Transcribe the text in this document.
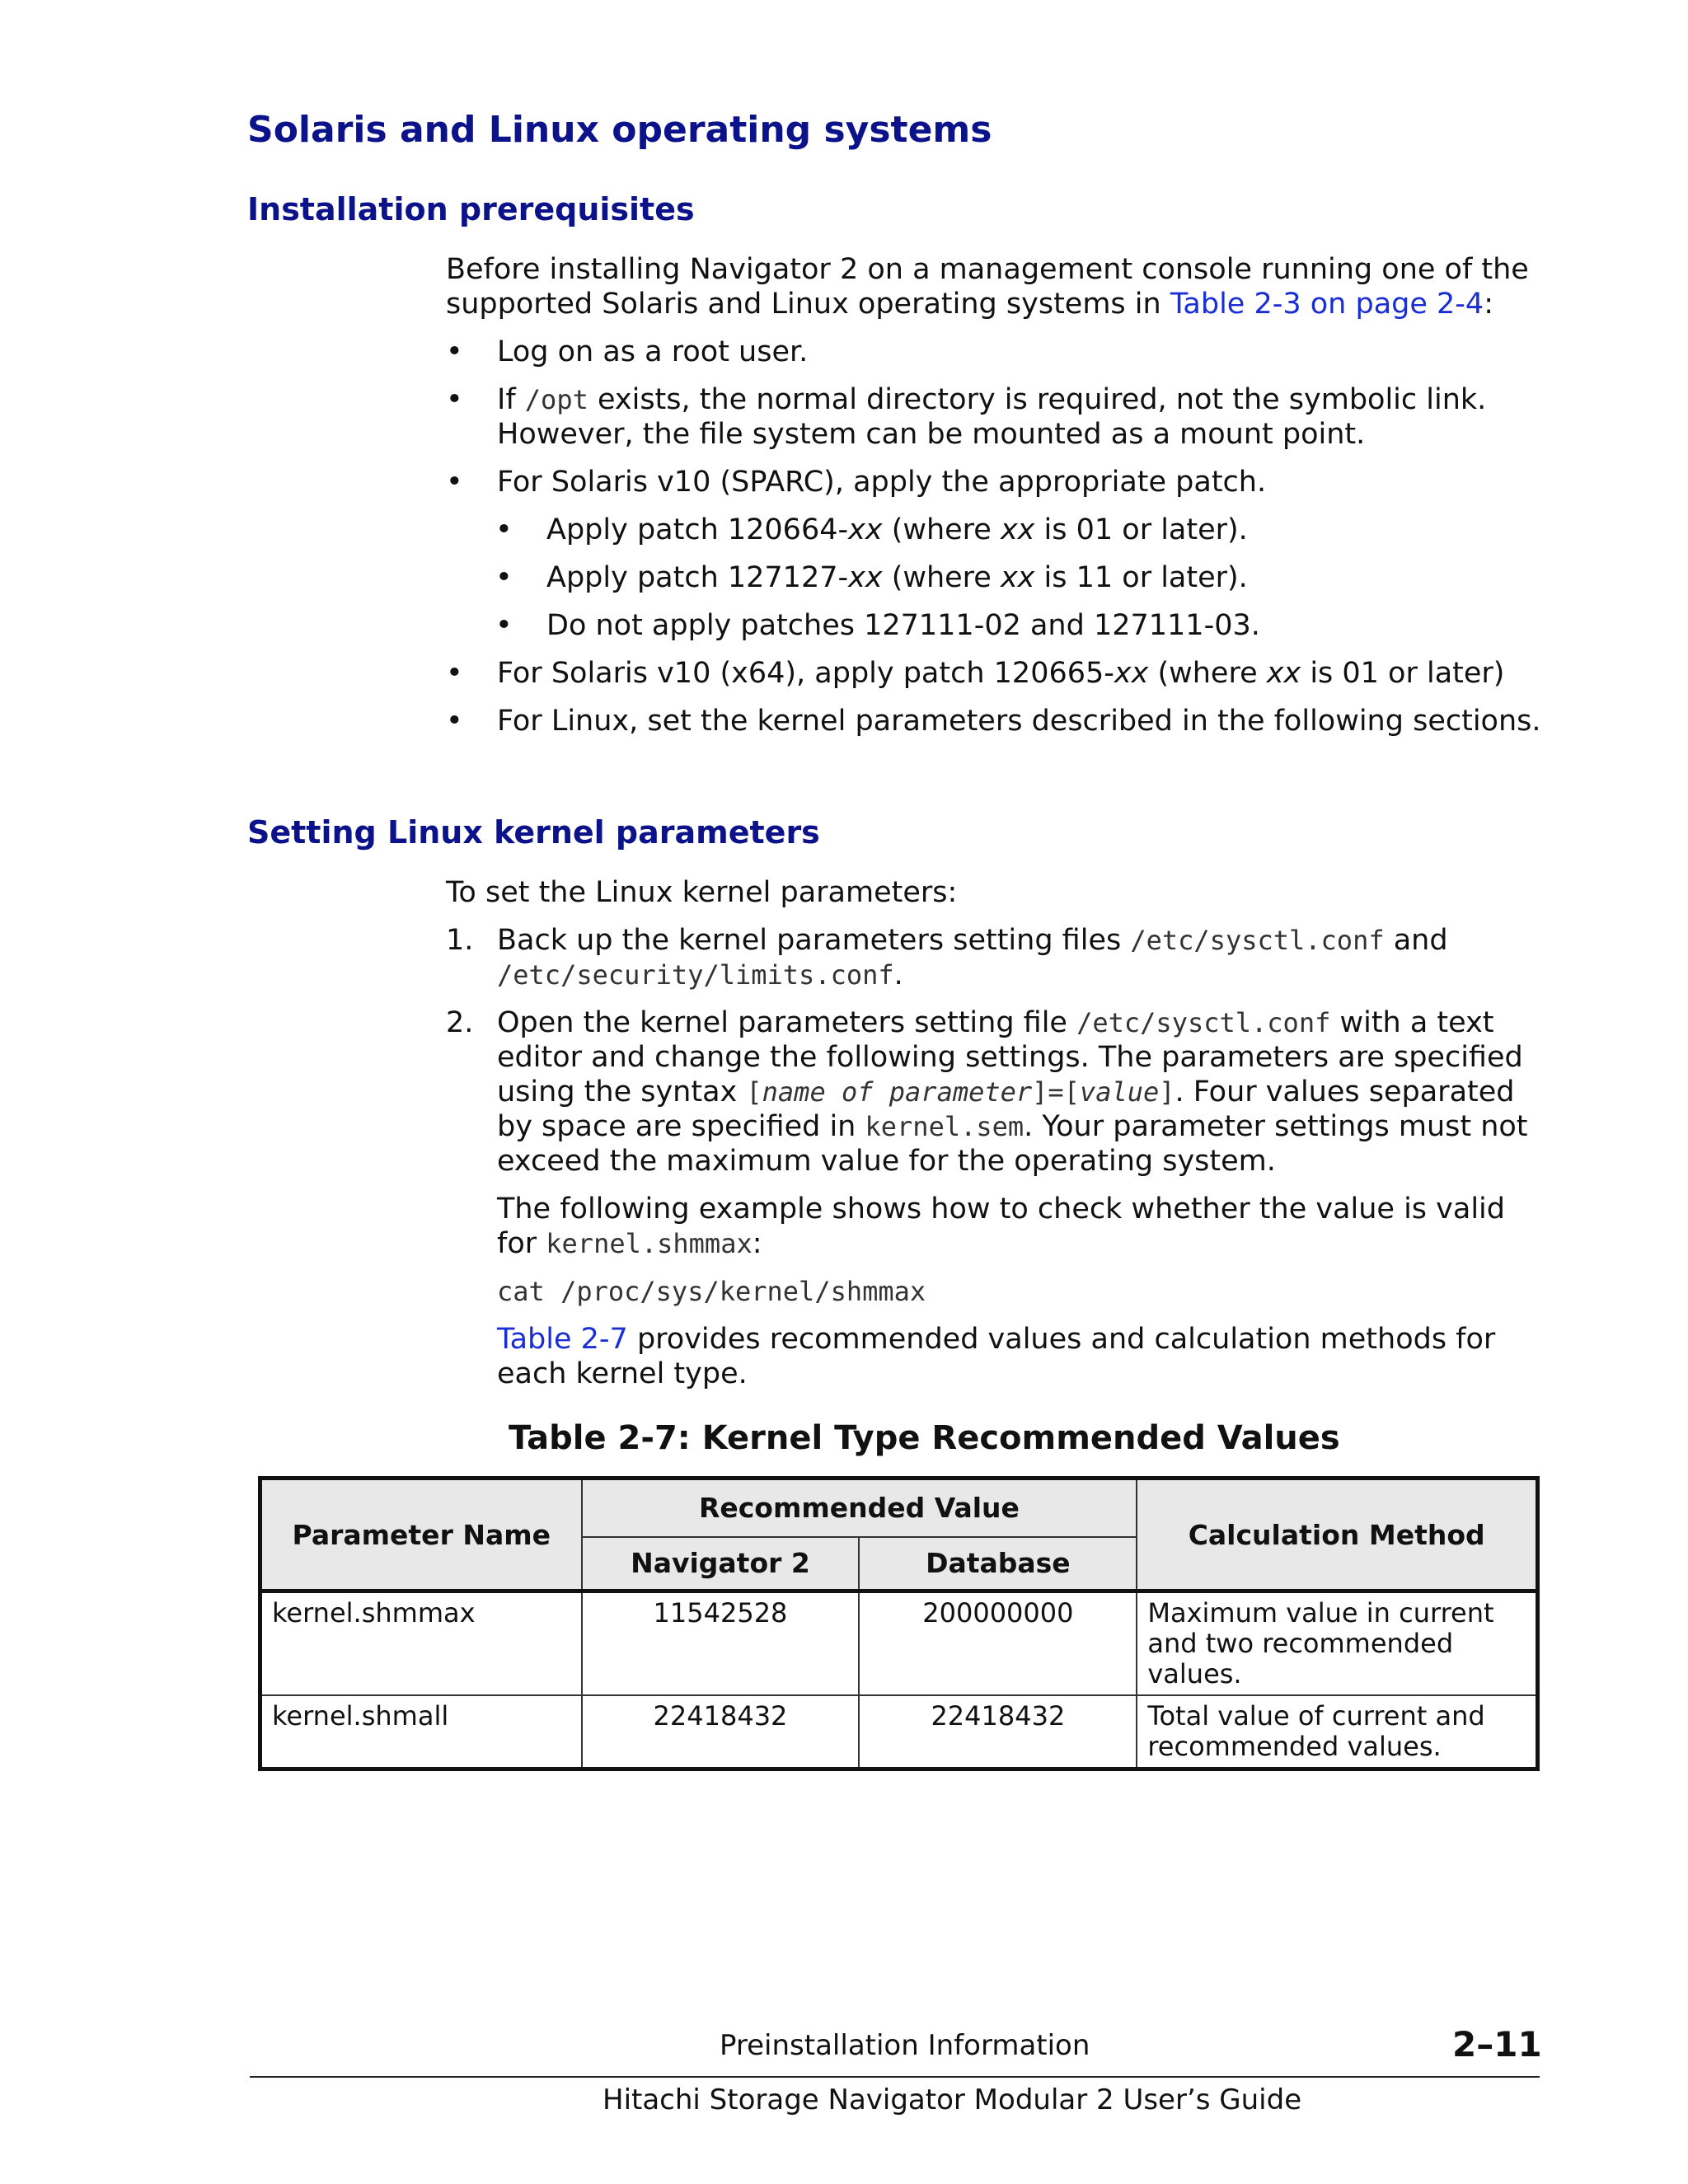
Solaris and Linux operating systems
Installation prerequisites

Before installing Navigator 2 on a management console running one of the supported Solaris and Linux operating systems in Table 2-3 on page 2-4:

• Log on as a root user.

• If /opt exists, the normal directory is required, not the symbolic link. However, the file system can be mounted as a mount point.

• For Solaris v10 (SPARC), apply the appropriate patch.

• Apply patch 120664-xx (where xx is 01 or later).

• Apply patch 127127-xx (where xx is 11 or later).

• Do not apply patches 127111-02 and 127111-03.

• For Solaris v10 (x64), apply patch 120665-xx (where xx is 01 or later)

• For Linux, set the kernel parameters described in the following sections.

Setting Linux kernel parameters

To set the Linux kernel parameters:

1. Back up the kernel parameters setting files /etc/sysctl.conf and /etc/security/limits.conf.

2. Open the kernel parameters setting file /etc/sysctl.conf with a text editor and change the following settings. The parameters are specified using the syntax [name of parameter]=[value]. Four values separated by space are specified in kernel.sem. Your parameter settings must not exceed the maximum value for the operating system.

The following example shows how to check whether the value is valid for kernel.shmmax:

cat /proc/sys/kernel/shmmax

Table 2-7 provides recommended values and calculation methods for each kernel type.

Table 2-7: Kernel Type Recommended Values

Parameter Name	Recommended Value		Calculation Method
	Navigator 2	Database	
kernel.shmmax	11542528	200000000	Maximum value in current and two recommended values.
kernel.shmall	22418432	22418432	Total value of current and recommended values.

Preinstallation Information	2–11

Hitachi Storage Navigator Modular 2 User’s Guide
